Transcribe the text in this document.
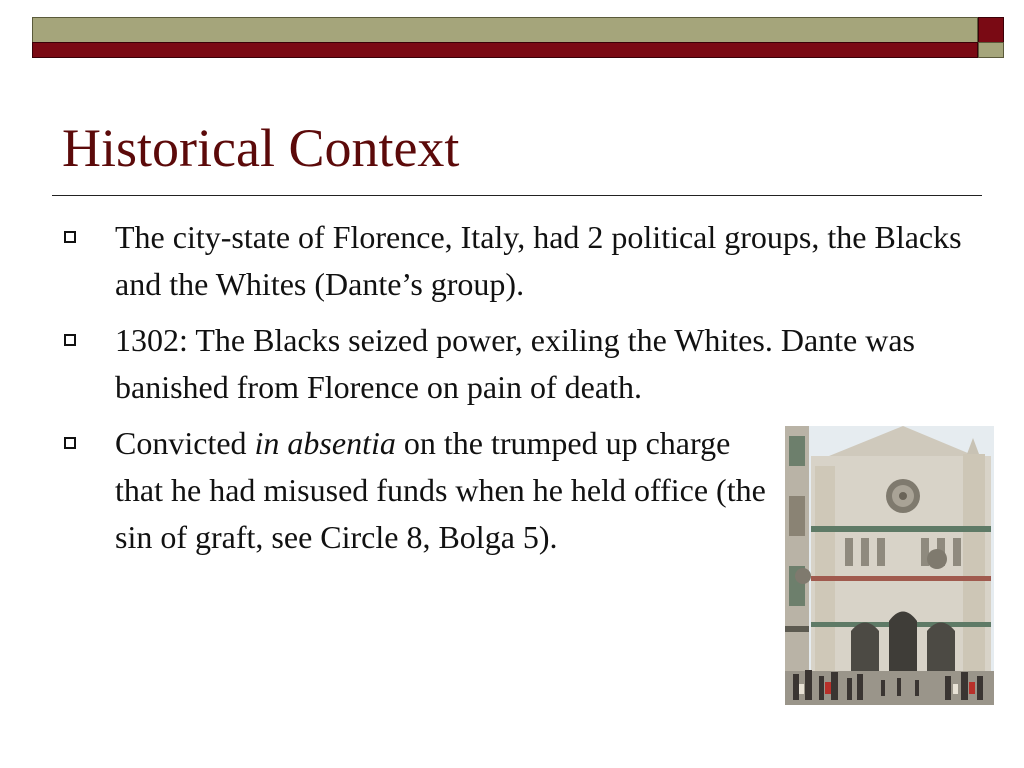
Historical Context
The city-state of Florence, Italy, had 2 political groups, the Blacks and the Whites (Dante’s group).
1302: The Blacks seized power, exiling the Whites. Dante was banished from Florence on pain of death.
Convicted in absentia on the trumped up charge that he had misused funds when he held office (the sin of graft, see Circle 8, Bolga 5).
